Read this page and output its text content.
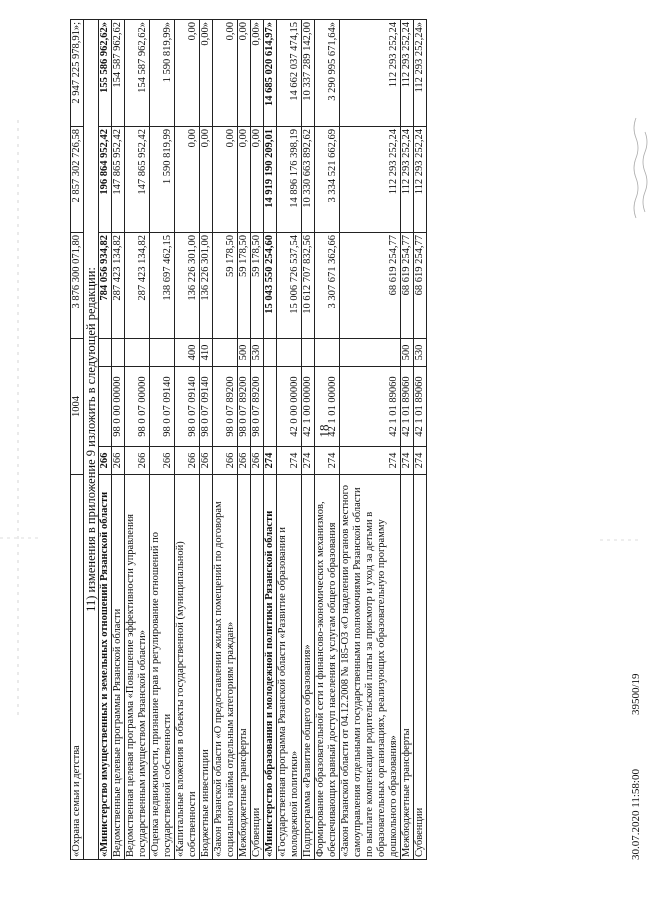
18
«Охрана семьи и детства	1004			3 876 300 071,80	2 857 302 726,58	2 947 225 978,91»;
11) изменения в приложение 9 изложить в следующей редакции:						
«Министерство имущественных и земельных отношений Рязанской области	266			784 056 934,82	196 864 952,42	155 586 962,62»
Ведомственные целевые программы Рязанской области	266	98 0 00 00000		287 423 134,82	147 865 952,42	154 587 962,62
Ведомственная целевая программа «Повышение эффективности управления государственным имуществом Рязанской области»	266	98 0 07 00000		287 423 134,82	147 865 952,42	154 587 962,62»
«Оценка недвижимости, признание прав и регулирование отношений по государственной собственности	266	98 0 07 09140		138 697 462,15	1 590 819,99	1 590 819,99»
«Капитальные вложения в объекты государственной (муниципальной) собственности	266	98 0 07 09140	400	136 226 301,00	0,00	0,00
Бюджетные инвестиции	266	98 0 07 09140	410	136 226 301,00	0,00	0,00»
«Закон Рязанской области «О предоставлении жилых помещений по договорам социального найма отдельным категориям граждан»	266	98 0 07 89200		59 178,50	0,00	0,00
Межбюджетные трансферты	266	98 0 07 89200	500	59 178,50	0,00	0,00
Субвенции	266	98 0 07 89200	530	59 178,50	0,00	0,00»
«Министерство образования и молодежной политики Рязанской области	274			15 043 550 254,60	14 919 190 209,01	14 685 020 614,97»
«Государственная программа Рязанской области «Развитие образования и молодежной политики»	274	42 0 00 00000		15 006 726 537,54	14 896 176 398,19	14 662 037 474,15
Подпрограмма «Развитие общего образования»	274	42 1 00 00000		10 612 707 832,56	10 330 663 892,62	10 337 289 142,00
Формирование образовательной сети и финансово-экономических механизмов, обеспечивающих равный доступ населения к услугам общего образования	274	42 1 01 00000		3 307 671 362,66	3 334 521 662,69	3 290 995 671,64»
«Закон Рязанской области от 04.12.2008 № 185-ОЗ «О наделении органов местного самоуправления отдельными государственными полномочиями Рязанской области по выплате компенсации родительской платы за присмотр и уход за детьми в образовательных организациях, реализующих образовательную программу дошкольного образования»	274	42 1 01 89060		68 619 254,77	112 293 252,24	112 293 252,24
Межбюджетные трансферты	274	42 1 01 89060	500	68 619 254,77	112 293 252,24	112 293 252,24
Субвенции	274	42 1 01 89060	530	68 619 254,77	112 293 252,24	112 293 252,24»
30.07.2020 11:58:00
39500/19
